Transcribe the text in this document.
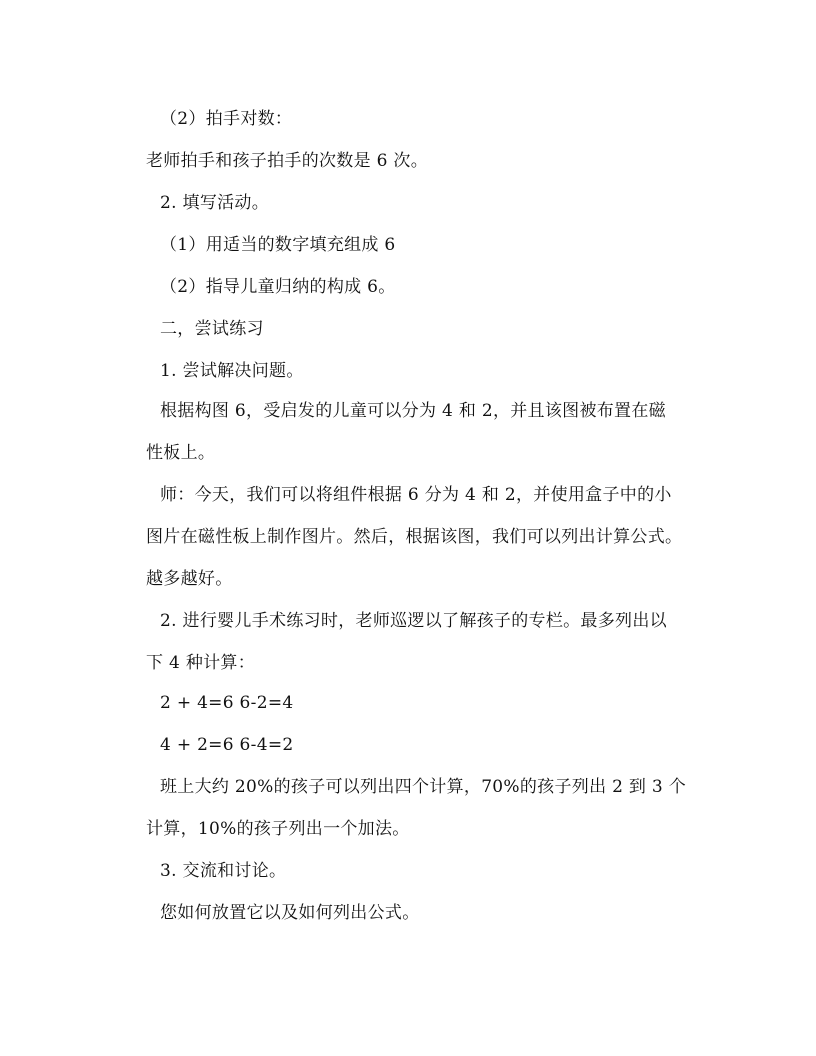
（2）拍手对数：
老师拍手和孩子拍手的次数是 6 次。
2. 填写活动。
（1）用适当的数字填充组成 6
（2）指导儿童归纳的构成 6。
二，尝试练习
1. 尝试解决问题。
根据构图 6，受启发的儿童可以分为 4 和 2，并且该图被布置在磁
性板上。
师：今天，我们可以将组件根据 6 分为 4 和 2，并使用盒子中的小
图片在磁性板上制作图片。然后，根据该图，我们可以列出计算公式。
越多越好。
2. 进行婴儿手术练习时，老师巡逻以了解孩子的专栏。最多列出以
下 4 种计算：
2 + 4=6 6-2=4
4 + 2=6 6-4=2
班上大约 20%的孩子可以列出四个计算，70%的孩子列出 2 到 3 个
计算，10%的孩子列出一个加法。
3. 交流和讨论。
您如何放置它以及如何列出公式。
